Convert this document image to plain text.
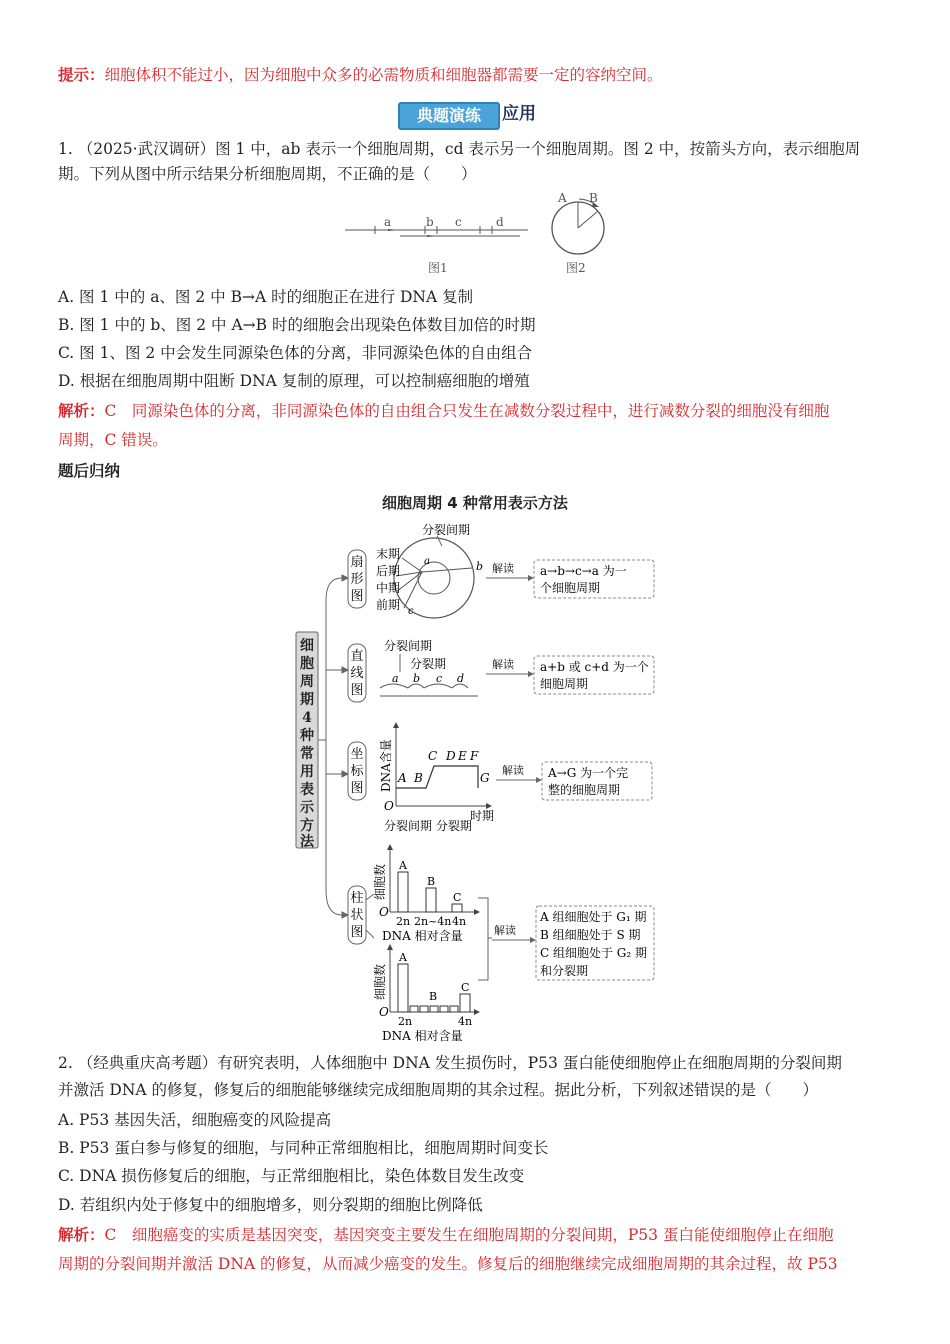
提示：细胞体积不能过小，因为细胞中众多的必需物质和细胞器都需要一定的容纳空间。
典题演练	应用
1. （2025·武汉调研）图 1 中，ab 表示一个细胞周期，cd 表示另一个细胞周期。图 2 中，按箭头方向，表示细胞周
期。下列从图中所示结果分析细胞周期，不正确的是（　　）
a	b c	d
图1
A B
图2
A. 图 1 中的 a、图 2 中 B→A 时的细胞正在进行 DNA 复制
B. 图 1 中的 b、图 2 中 A→B 时的细胞会出现染色体数目加倍的时期
C. 图 1、图 2 中会发生同源染色体的分离，非同源染色体的自由组合
D. 根据在细胞周期中阻断 DNA 复制的原理，可以控制癌细胞的增殖
解析：C　同源染色体的分离，非同源染色体的自由组合只发生在减数分裂过程中，进行减数分裂的细胞没有细胞
周期，C 错误。
题后归纳
细胞周期 4 种常用表示方法
细
胞
周
期
4
种
常
用
表
示
方
法
扇
形
图
分裂间期
末期
后期
中期
前期
a	b
c
解读 a→b→c→a 为一
个细胞周期
直
线
图
分裂间期
分裂期
a b c d
解读 a+b 或 c+d 为一个
细胞周期
坐
标
图 DNA含量 A B
C D E F
G
O
时期
分裂间期 分裂期
解读 A→G 为一个完
整的细胞周期
柱
状
图
细胞数 A
B
C
O
2n 2n~4n 4n
DNA 相对含量
细胞数
A
B
C
O
2n	4n
DNA 相对含量
解读
A 组细胞处于 G₁ 期
B 组细胞处于 S 期
C 组细胞处于 G₂ 期
和分裂期
2. （经典重庆高考题）有研究表明，人体细胞中 DNA 发生损伤时，P53 蛋白能使细胞停止在细胞周期的分裂间期
并激活 DNA 的修复，修复后的细胞能够继续完成细胞周期的其余过程。据此分析，下列叙述错误的是（　　）
A. P53 基因失活，细胞癌变的风险提高
B. P53 蛋白参与修复的细胞，与同种正常细胞相比，细胞周期时间变长
C. DNA 损伤修复后的细胞，与正常细胞相比，染色体数目发生改变
D. 若组织内处于修复中的细胞增多，则分裂期的细胞比例降低
解析：C　细胞癌变的实质是基因突变，基因突变主要发生在细胞周期的分裂间期，P53 蛋白能使细胞停止在细胞
周期的分裂间期并激活 DNA 的修复，从而减少癌变的发生。修复后的细胞继续完成细胞周期的其余过程，故 P53
